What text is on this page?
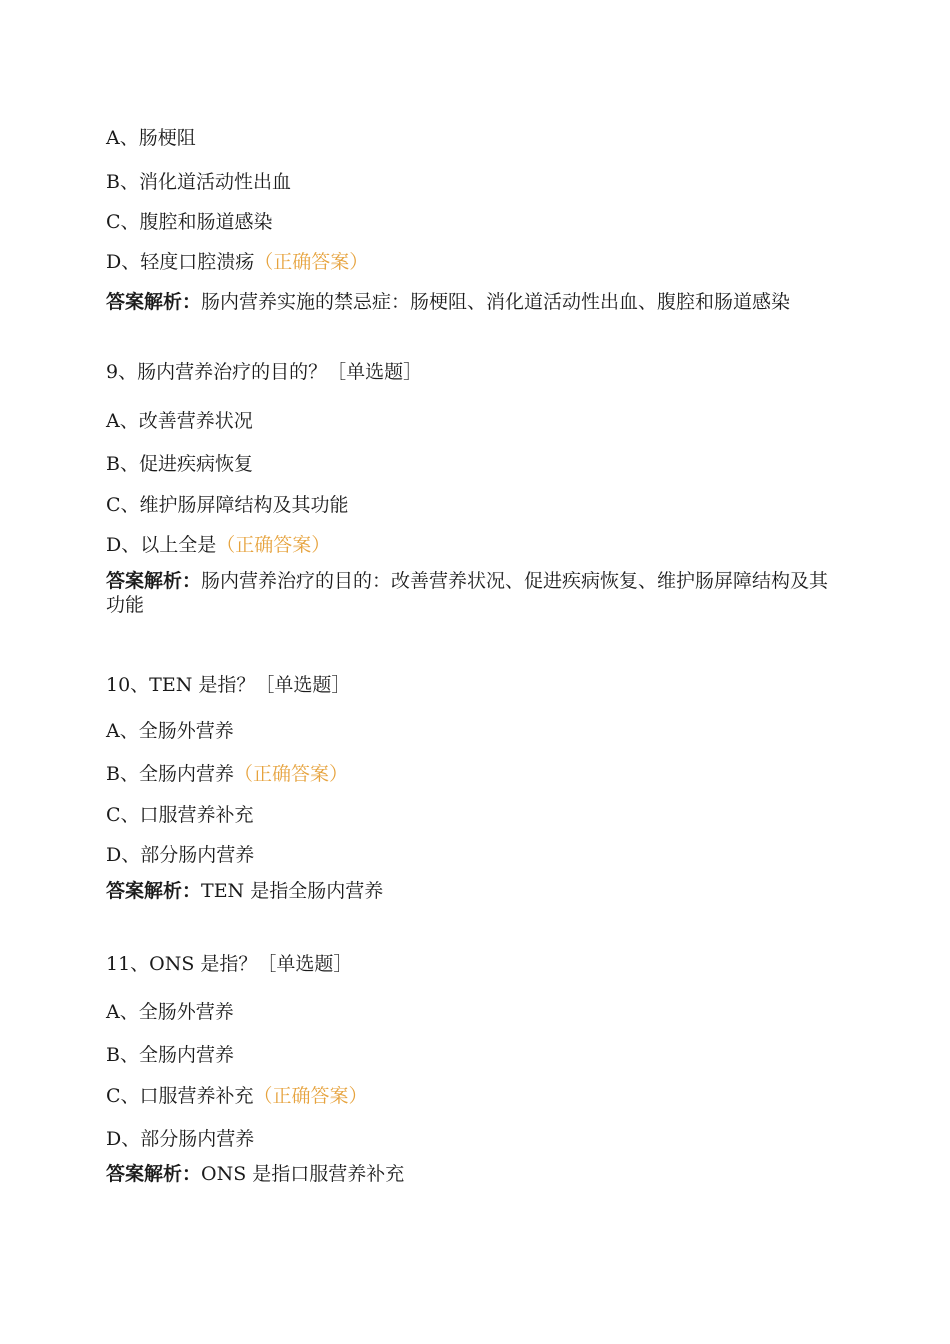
A、肠梗阻
B、消化道活动性出血
C、腹腔和肠道感染
D、轻度口腔溃疡（正确答案）
答案解析：肠内营养实施的禁忌症：肠梗阻、消化道活动性出血、腹腔和肠道感染
9、肠内营养治疗的目的？［单选题］
A、改善营养状况
B、促进疾病恢复
C、维护肠屏障结构及其功能
D、以上全是（正确答案）
答案解析：肠内营养治疗的目的：改善营养状况、促进疾病恢复、维护肠屏障结构及其功能
10、TEN 是指？［单选题］
A、全肠外营养
B、全肠内营养（正确答案）
C、口服营养补充
D、部分肠内营养
答案解析：TEN 是指全肠内营养
11、ONS 是指？［单选题］
A、全肠外营养
B、全肠内营养
C、口服营养补充（正确答案）
D、部分肠内营养
答案解析：ONS 是指口服营养补充
